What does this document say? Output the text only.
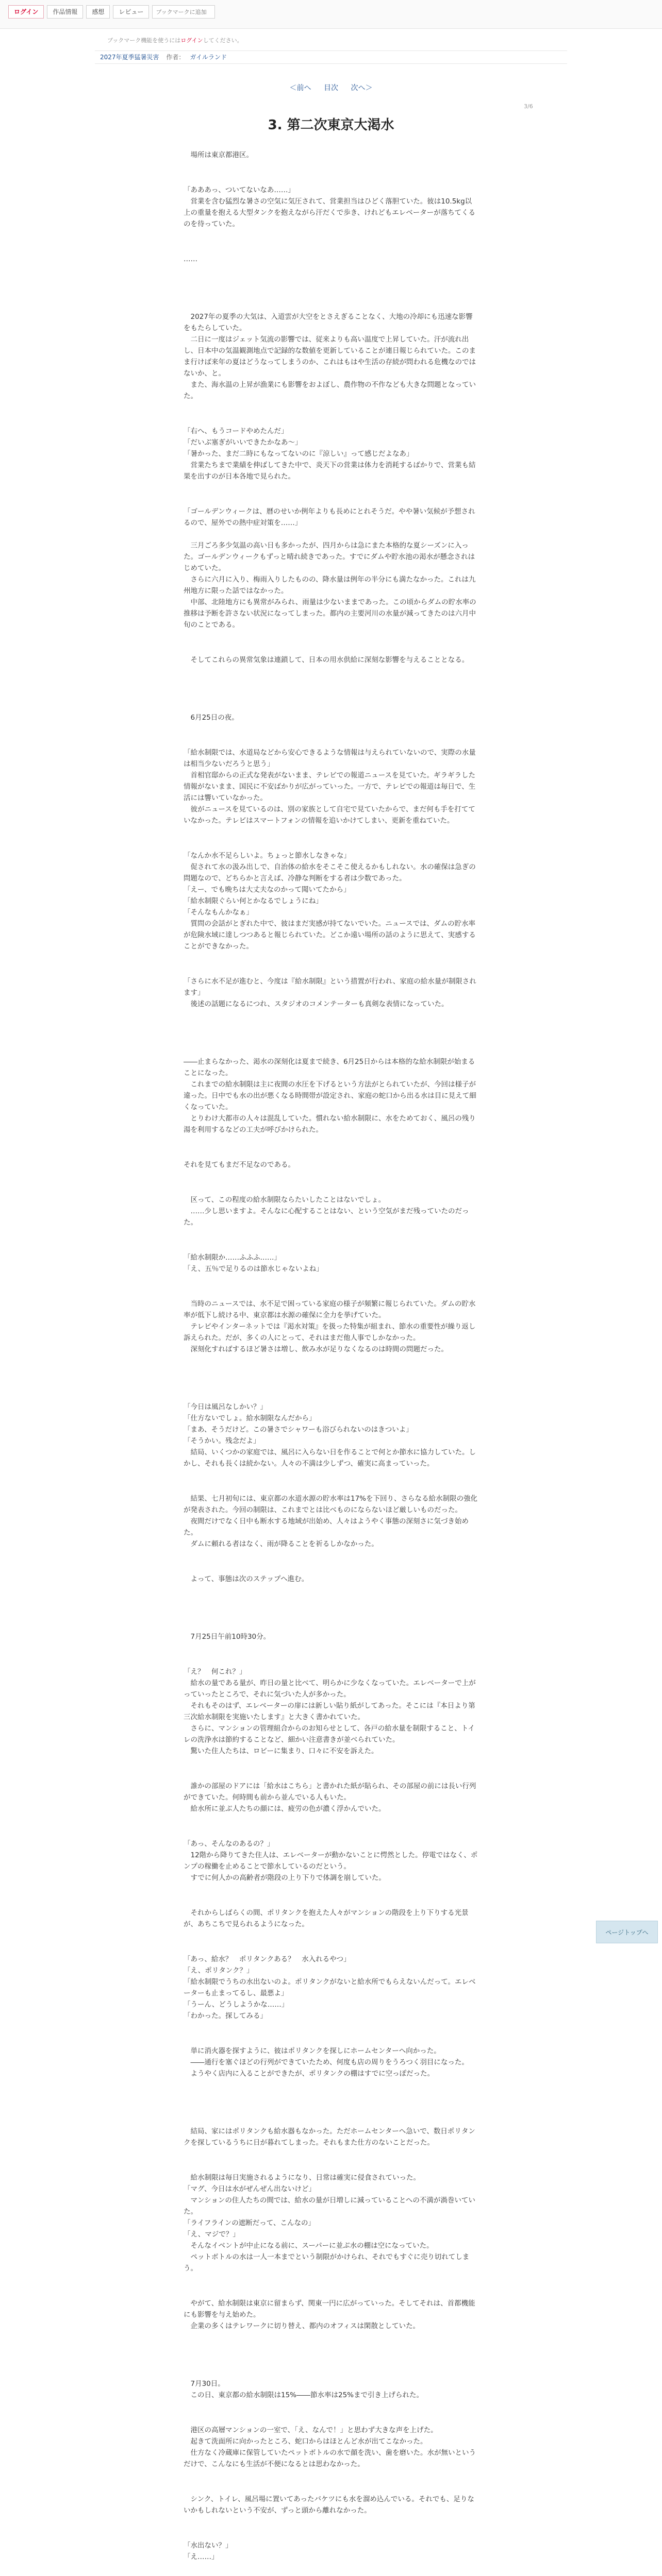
ログイン	作品情報	感想	レビュー
ブックマークに追加
ブックマーク機能を使うにはログインしてください。
2027年夏季猛暑災害 作者： ガイルランド
＜前へ 目次 次へ＞
3/6
3. 第二次東京大渇水

　場所は東京都港区。

「あああっ、ついてないなあ……」
　営業を含む猛烈な暑さの空気に気圧されて、営業担当はひどく落胆ていた。彼は10.5kg以上の重量を抱える大型タンクを抱えながら汗だくで歩き、けれどもエレベーターが落ちてくるのを待っていた。

……

　2027年の夏季の大気は、入道雲が大空をとさえぎることなく、大地の冷却にも迅速な影響をもたらしていた。
　二日に一度はジェット気流の影響では、従来よりも高い温度で上昇していた。汗が流れ出し、日本中の気温観測地点で記録的な数値を更新していることが連日報じられていた。このまま行けば来年の夏はどうなってしまうのか、これはもはや生活の存続が問われる危機なのではないか、と。
　また、海水温の上昇が漁業にも影響をおよぼし、農作物の不作なども大きな問題となっていた。

「右へ、もうコードやめたんだ」
「だいぶ塞ぎがいいできたかなあ～」
「暑かった、まだ二時にもなってないのに『涼しい』って感じだよなあ」
　営業たちまで業績を伸ばしてきた中で、炎天下の営業は体力を消耗するばかりで、営業も結果を出すのが日本各地で見られた。

「ゴールデンウィークは、暦のせいか例年よりも長めにとれそうだ。やや暑い気候が予想されるので、屋外での熱中症対策を……」

　三月ごろ多少気温の高い日も多かったが、四月からは急にまた本格的な夏シーズンに入った。ゴールデンウィークもずっと晴れ続きであった。すでにダムや貯水池の渇水が懸念されはじめていた。
　さらに六月に入り、梅雨入りしたものの、降水量は例年の半分にも満たなかった。これは九州地方に限った話ではなかった。
　中部、北陸地方にも異常がみられ、雨量は少ないままであった。この頃からダムの貯水率の推移は予断を許さない状況になってしまった。都内の主要河川の水量が減ってきたのは六月中旬のことである。

　そしてこれらの異常気象は連鎖して、日本の用水供給に深刻な影響を与えることとなる。

　6月25日の夜。

「給水制限では、水道局などから安心できるような情報は与えられていないので、実際の水量は相当少ないだろうと思う」
　首相官邸からの正式な発表がないまま、テレビでの報道ニュースを見ていた。ギラギラした情報がないまま、国民に不安ばかりが広がっていった。一方で、テレビでの報道は毎日で、生活には響いていなかった。
　彼がニュースを見ているのは、別の家族として自宅で見ていたからで、まだ何も手を打てていなかった。テレビはスマートフォンの情報を追いかけてしまい、更新を重ねていた。

「なんか水不足らしいよ。ちょっと節水しなきゃな」
　促されて水の汲み出しで、自治体の給水をそこそこ使えるかもしれない。水の確保は急ぎの問題なので、どちらかと言えば、冷静な判断をする者は少数であった。
「えー、でも晩ちは大丈夫なのかって聞いてたから」
「給水制限ぐらい何とかなるでしょうにね」
「そんなもんかなぁ」
　質問の会話がとぎれた中で、彼はまだ実感が持てないでいた。ニュースでは、ダムの貯水率が危険水域に達しつつあると報じられていた。どこか遠い場所の話のように思えて、実感することができなかった。

「さらに水不足が進むと、今度は『給水制限』という措置が行われ、家庭の給水量が制限されます」
　後述の話題になるにつれ、スタジオのコメンテーターも真剣な表情になっていた。

――止まらなかった、渇水の深刻化は夏まで続き、6月25日からは本格的な給水制限が始まることになった。
　これまでの給水制限は主に夜間の水圧を下げるという方法がとられていたが、今回は様子が違った。日中でも水の出が悪くなる時間帯が設定され、家庭の蛇口から出る水は目に見えて細くなっていた。
　とりわけ大都市の人々は混乱していた。慣れない給水制限に、水をためておく、風呂の残り湯を利用するなどの工夫が呼びかけられた。

それを見てもまだ不足なのである。

　区って、この程度の給水制限ならたいしたことはないでしょ。
　……少し思いますよ。そんなに心配することはない、という空気がまだ残っていたのだった。

「給水制限か……ふふふ……」
「え、五％で足りるのは節水じゃないよね」

　当時のニュースでは、水不足で困っている家庭の様子が頻繁に報じられていた。ダムの貯水率が低下し続ける中、東京都は水源の確保に全力を挙げていた。
　テレビやインターネットでは『渇水対策』を扱った特集が組まれ、節水の重要性が繰り返し訴えられた。だが、多くの人にとって、それはまだ他人事でしかなかった。
　深刻化すればするほど暑さは増し、飲み水が足りなくなるのは時間の問題だった。

「今日は風呂なしかい？」
「仕方ないでしょ。給水制限なんだから」
「まあ、そうだけど。この暑さでシャワーも浴びられないのはきついよ」
「そうかい。残念だよ」
　結局、いくつかの家庭では、風呂に入らない日を作ることで何とか節水に協力していた。しかし、それも長くは続かない。人々の不満は少しずつ、確実に高まっていった。

　結果、七月初旬には、東京都の水道水源の貯水率は17%を下回り、さらなる給水制限の強化が発表された。今回の制限は、これまでとは比べものにならないほど厳しいものだった。
　夜間だけでなく日中も断水する地域が出始め、人々はようやく事態の深刻さに気づき始めた。
　ダムに頼れる者はなく、雨が降ることを祈るしかなかった。

　よって、事態は次のステップへ進む。

　7月25日午前10時30分。

「え？　何これ？」
　給水の量である量が、昨日の量と比べて、明らかに少なくなっていた。エレベーターで上がっていったところで、それに気づいた人が多かった。
　それもそのはず、エレベーターの扉には新しい貼り紙がしてあった。そこには『本日より第三次給水制限を実施いたします』と大きく書かれていた。
　さらに、マンションの管理組合からのお知らせとして、各戸の給水量を制限すること、トイレの洗浄水は節約することなど、細かい注意書きが並べられていた。
　驚いた住人たちは、ロビーに集まり、口々に不安を訴えた。

　誰かの部屋のドアには「給水はこちら」と書かれた紙が貼られ、その部屋の前には長い行列ができていた。何時間も前から並んでいる人もいた。
　給水所に並ぶ人たちの顔には、疲労の色が濃く浮かんでいた。

「あっ、そんなのあるの？」
　12階から降りてきた住人は、エレベーターが動かないことに愕然とした。停電ではなく、ポンプの稼働を止めることで節水しているのだという。
　すでに何人かの高齢者が階段の上り下りで体調を崩していた。

　それからしばらくの間、ポリタンクを抱えた人々がマンションの階段を上り下りする光景が、あちこちで見られるようになった。

「あっ、給水？　ポリタンクある？　水入れるやつ」
「え、ポリタンク？」
「給水制限でうちの水出ないのよ。ポリタンクがないと給水所でもらえないんだって。エレベーターも止まってるし、最悪よ」
「うーん、どうしようかな……」
「わかった。探してみる」

　単に消火器を探すように、彼はポリタンクを探しにホームセンターへ向かった。
　――通行を塞ぐほどの行列ができていたため、何度も店の周りをうろつく羽目になった。
　ようやく店内に入ることができたが、ポリタンクの棚はすでに空っぽだった。

　結局、家にはポリタンクも給水器もなかった。ただホームセンターへ急いで、数日ポリタンクを探しているうちに日が暮れてしまった。それもまた仕方のないことだった。

　給水制限は毎日実施されるようになり、日常は確実に侵食されていった。
「マグ、今日は水がぜんぜん出ないけど」
　マンションの住人たちの間では、給水の量が日増しに減っていることへの不満が渦巻いていた。
「ライフラインの遮断だって、こんなの」
「え、マジで？」
　そんなイベントが中止になる前に、スーパーに並ぶ水の棚は空になっていた。
　ペットボトルの水は一人一本までという制限がかけられ、それでもすぐに売り切れてしまう。

　やがて、給水制限は東京に留まらず、関東一円に広がっていった。そしてそれは、首都機能にも影響を与え始めた。
　企業の多くはテレワークに切り替え、都内のオフィスは閑散としていた。

　7月30日。
　この日、東京都の給水制限は15%――節水率は25%まで引き上げられた。

　港区の高層マンションの一室で、「え、なんで！」と思わず大きな声を上げた。
　起きて洗面所に向かったところ、蛇口からはほとんど水が出てこなかった。
　仕方なく冷蔵庫に保管していたペットボトルの水で顔を洗い、歯を磨いた。水が無いというだけで、こんなにも生活が不便になるとは思わなかった。

　シンク、トイレ、風呂場に置いてあったバケツにも水を溜め込んでいる。それでも、足りないかもしれないという不安が、ずっと頭から離れなかった。

「水出ない？」
「え……」

ページトップへ
